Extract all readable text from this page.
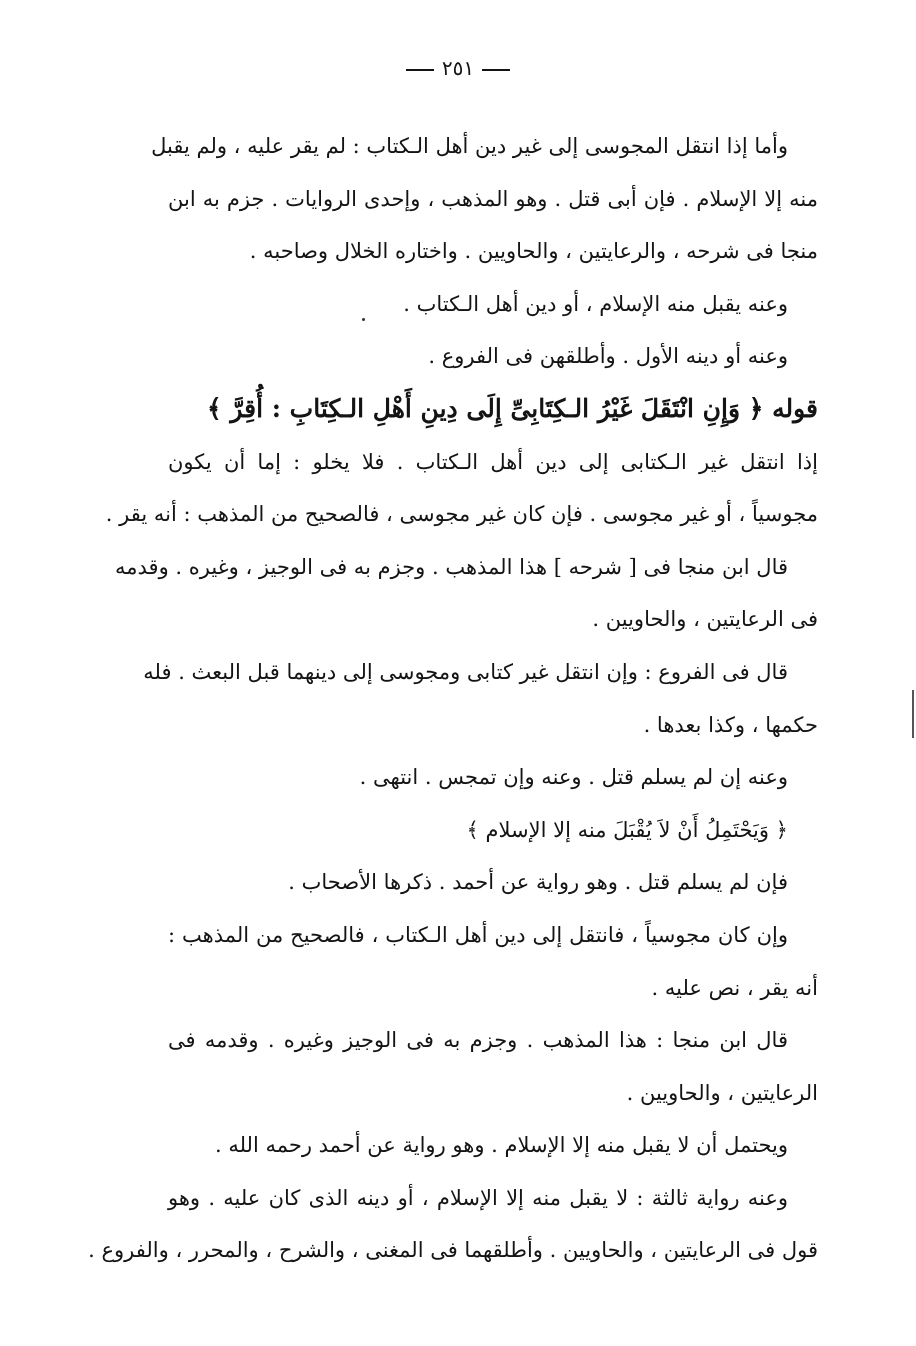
٢٥١
وأما إذا انتقل المجوسى إلى غير دين أهل الـكتاب : لم يقر عليه ، ولم يقبل
منه إلا الإسلام . فإن أبى قتل . وهو المذهب ، وإحدى الروايات . جزم به ابن
منجا فى شرحه ، والرعايتين ، والحاويين . واختاره الخلال وصاحبه .
وعنه يقبل منه الإسلام ، أو دين أهل الـكتاب .
وعنه أو دينه الأول . وأطلقهن فى الفروع .
قوله ﴿ وَإِنِ انْتَقَلَ غَيْرُ الـكِتَابِىِّ إِلَى دِينِ أَهْلِ الـكِتَابِ : أُقِرَّ ﴾
إذا انتقل غير الـكتابى إلى دين أهل الـكتاب . فلا يخلو : إما أن يكون
مجوسياً ، أو غير مجوسى . فإن كان غير مجوسى ، فالصحيح من المذهب : أنه يقر .
قال ابن منجا فى [ شرحه ] هذا المذهب . وجزم به فى الوجيز ، وغيره . وقدمه
فى الرعايتين ، والحاويين .
قال فى الفروع : وإن انتقل غير كتابى ومجوسى إلى دينهما قبل البعث . فله
حكمها ، وكذا بعدها .
وعنه إن لم يسلم قتل . وعنه وإن تمجس . انتهى .
﴿ وَيَحْتَمِلُ أَنْ لاَ يُقْبَلَ منه إلا الإسلام ﴾
فإن لم يسلم قتل . وهو رواية عن أحمد . ذكرها الأصحاب .
وإن كان مجوسياً ، فانتقل إلى دين أهل الـكتاب ، فالصحيح من المذهب :
أنه يقر ، نص عليه .
قال ابن منجا : هذا المذهب . وجزم به فى الوجيز وغيره . وقدمه فى
الرعايتين ، والحاويين .
ويحتمل أن لا يقبل منه إلا الإسلام . وهو رواية عن أحمد رحمه الله .
وعنه رواية ثالثة : لا يقبل منه إلا الإسلام ، أو دينه الذى كان عليه . وهو
قول فى الرعايتين ، والحاويين . وأطلقهما فى المغنى ، والشرح ، والمحرر ، والفروع .
